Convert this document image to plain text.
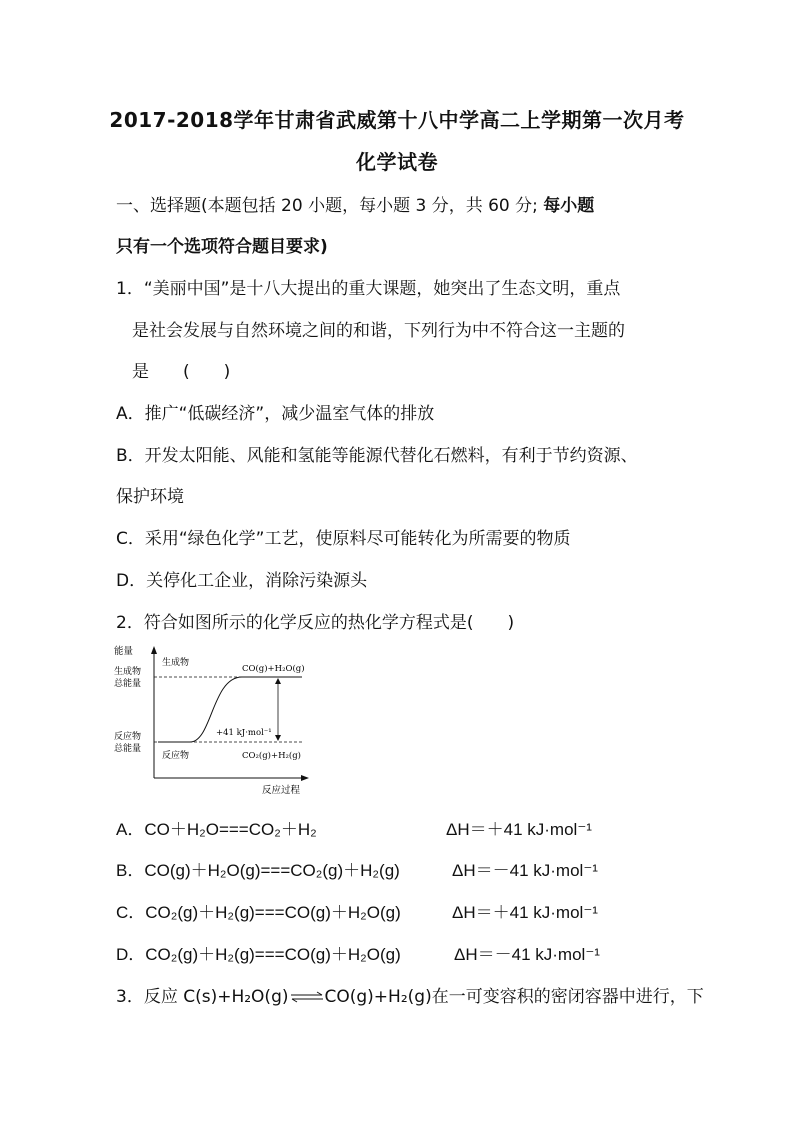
2017-2018学年甘肃省武威第十八中学高二上学期第一次月考
化学试卷
一、选择题(本题包括 20 小题，每小题 3 分，共 60 分; 每小题
只有一个选项符合题目要求)
1．“美丽中国”是十八大提出的重大课题，她突出了生态文明，重点
是社会发展与自然环境之间的和谐，下列行为中不符合这一主题的
是　　(　　)
A．推广“低碳经济”，减少温室气体的排放
B．开发太阳能、风能和氢能等能源代替化石燃料，有利于节约资源、
保护环境
C．采用“绿色化学”工艺，使原料尽可能转化为所需要的物质
D．关停化工企业，消除污染源头
2．符合如图所示的化学反应的热化学方程式是(　　)
能量
生成物
总能量
反应物
总能量
生成物
反应物
CO(g)+H₂O(g)
CO₂(g)+H₂(g)
+41 kJ·mol⁻¹
反应过程
A．CO＋H₂O===CO₂＋H₂	ΔH＝＋41 kJ·mol⁻¹
B．CO(g)＋H₂O(g)===CO₂(g)＋H₂(g)	ΔH＝－41 kJ·mol⁻¹
C．CO₂(g)＋H₂(g)===CO(g)＋H₂O(g)	ΔH＝＋41 kJ·mol⁻¹
D．CO₂(g)＋H₂(g)===CO(g)＋H₂O(g)	ΔH＝－41 kJ·mol⁻¹
3．反应 C(s)+H₂O(g)⇌CO(g)+H₂(g)在一可变容积的密闭容器中进行，下
